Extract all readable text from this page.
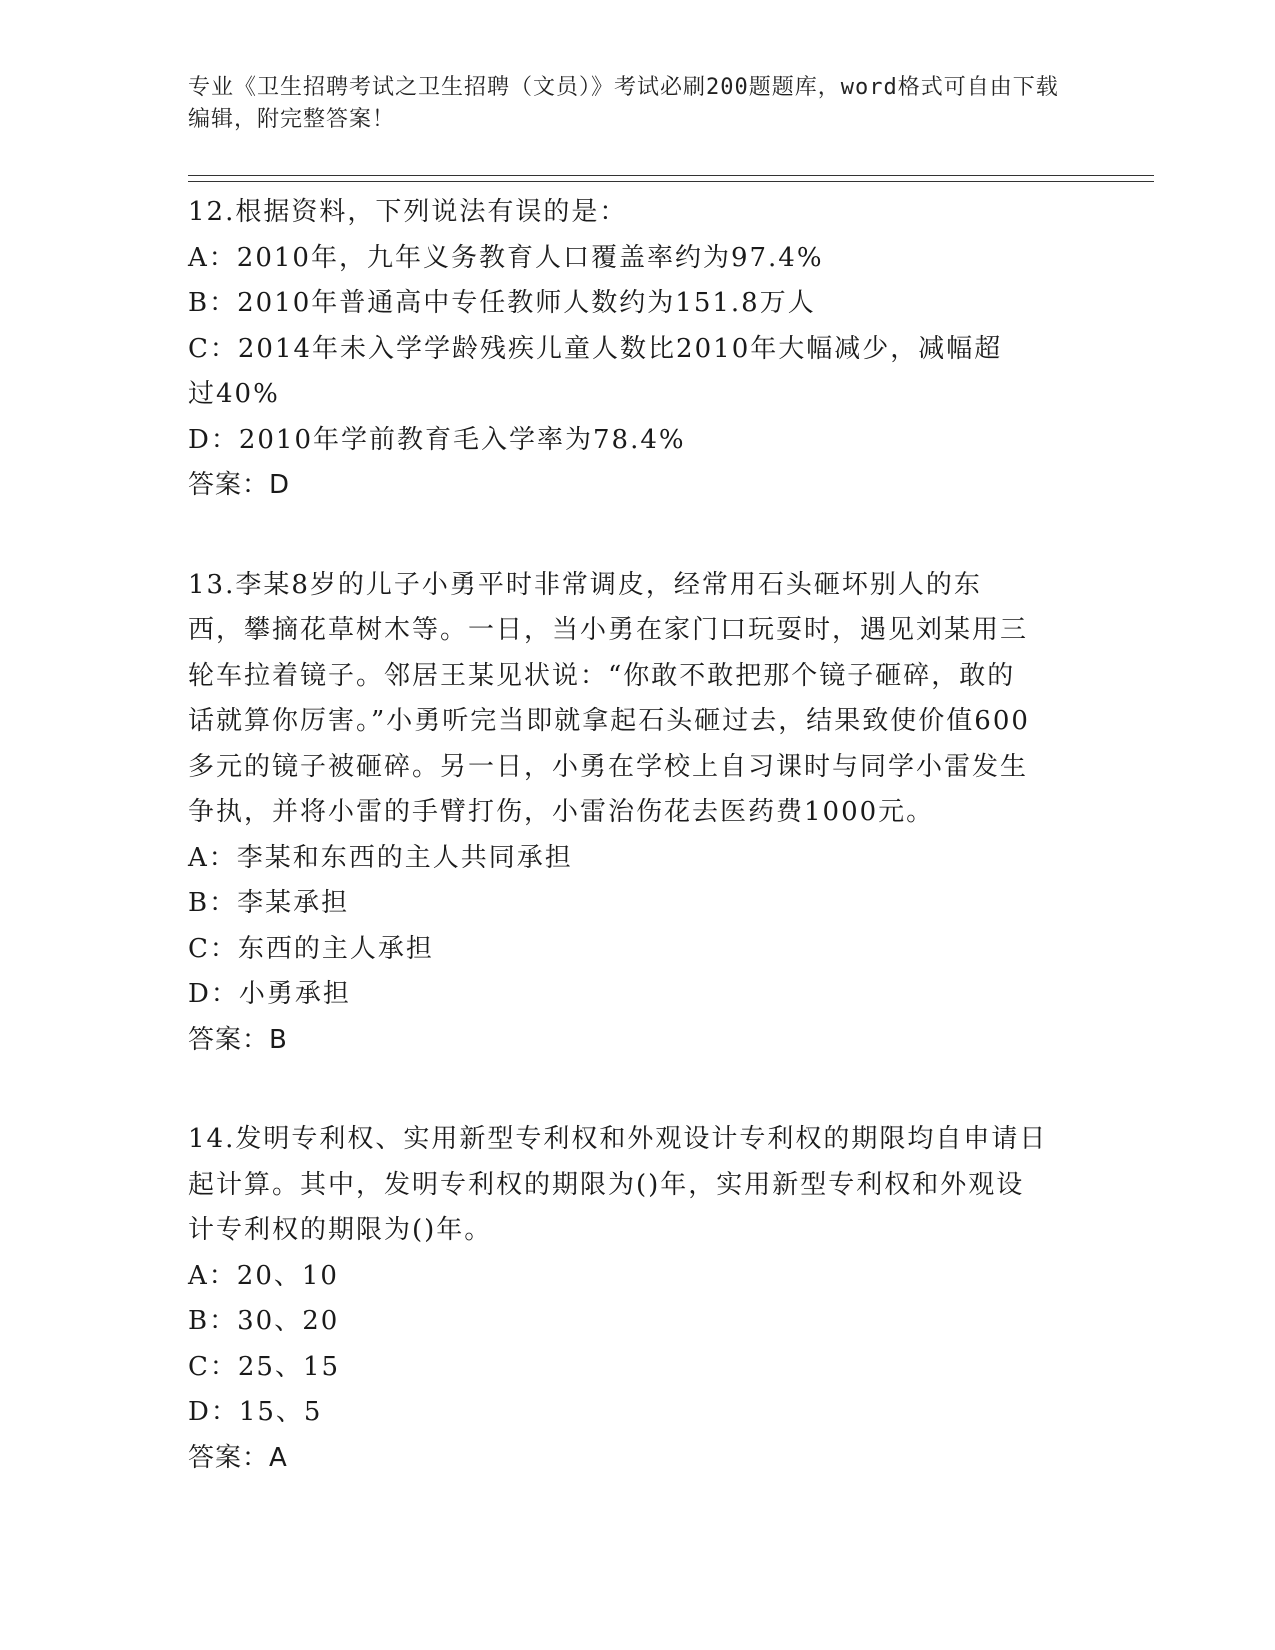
专业《卫生招聘考试之卫生招聘（文员）》考试必刷200题题库，word格式可自由下载编辑，附完整答案！
12.根据资料，下列说法有误的是：
A：2010年，九年义务教育人口覆盖率约为97.4%
B：2010年普通高中专任教师人数约为151.8万人
C：2014年未入学学龄残疾儿童人数比2010年大幅减少，减幅超过40%
D：2010年学前教育毛入学率为78.4%
答案：D
13.李某8岁的儿子小勇平时非常调皮，经常用石头砸坏别人的东西，攀摘花草树木等。一日，当小勇在家门口玩耍时，遇见刘某用三轮车拉着镜子。邻居王某见状说：“你敢不敢把那个镜子砸碎，敢的话就算你厉害。”小勇听完当即就拿起石头砸过去，结果致使价值600多元的镜子被砸碎。另一日，小勇在学校上自习课时与同学小雷发生争执，并将小雷的手臂打伤，小雷治伤花去医药费1000元。
A：李某和东西的主人共同承担
B：李某承担
C：东西的主人承担
D：小勇承担
答案：B
14.发明专利权、实用新型专利权和外观设计专利权的期限均自申请日起计算。其中，发明专利权的期限为()年，实用新型专利权和外观设计专利权的期限为()年。
A：20、10
B：30、20
C：25、15
D：15、5
答案：A
